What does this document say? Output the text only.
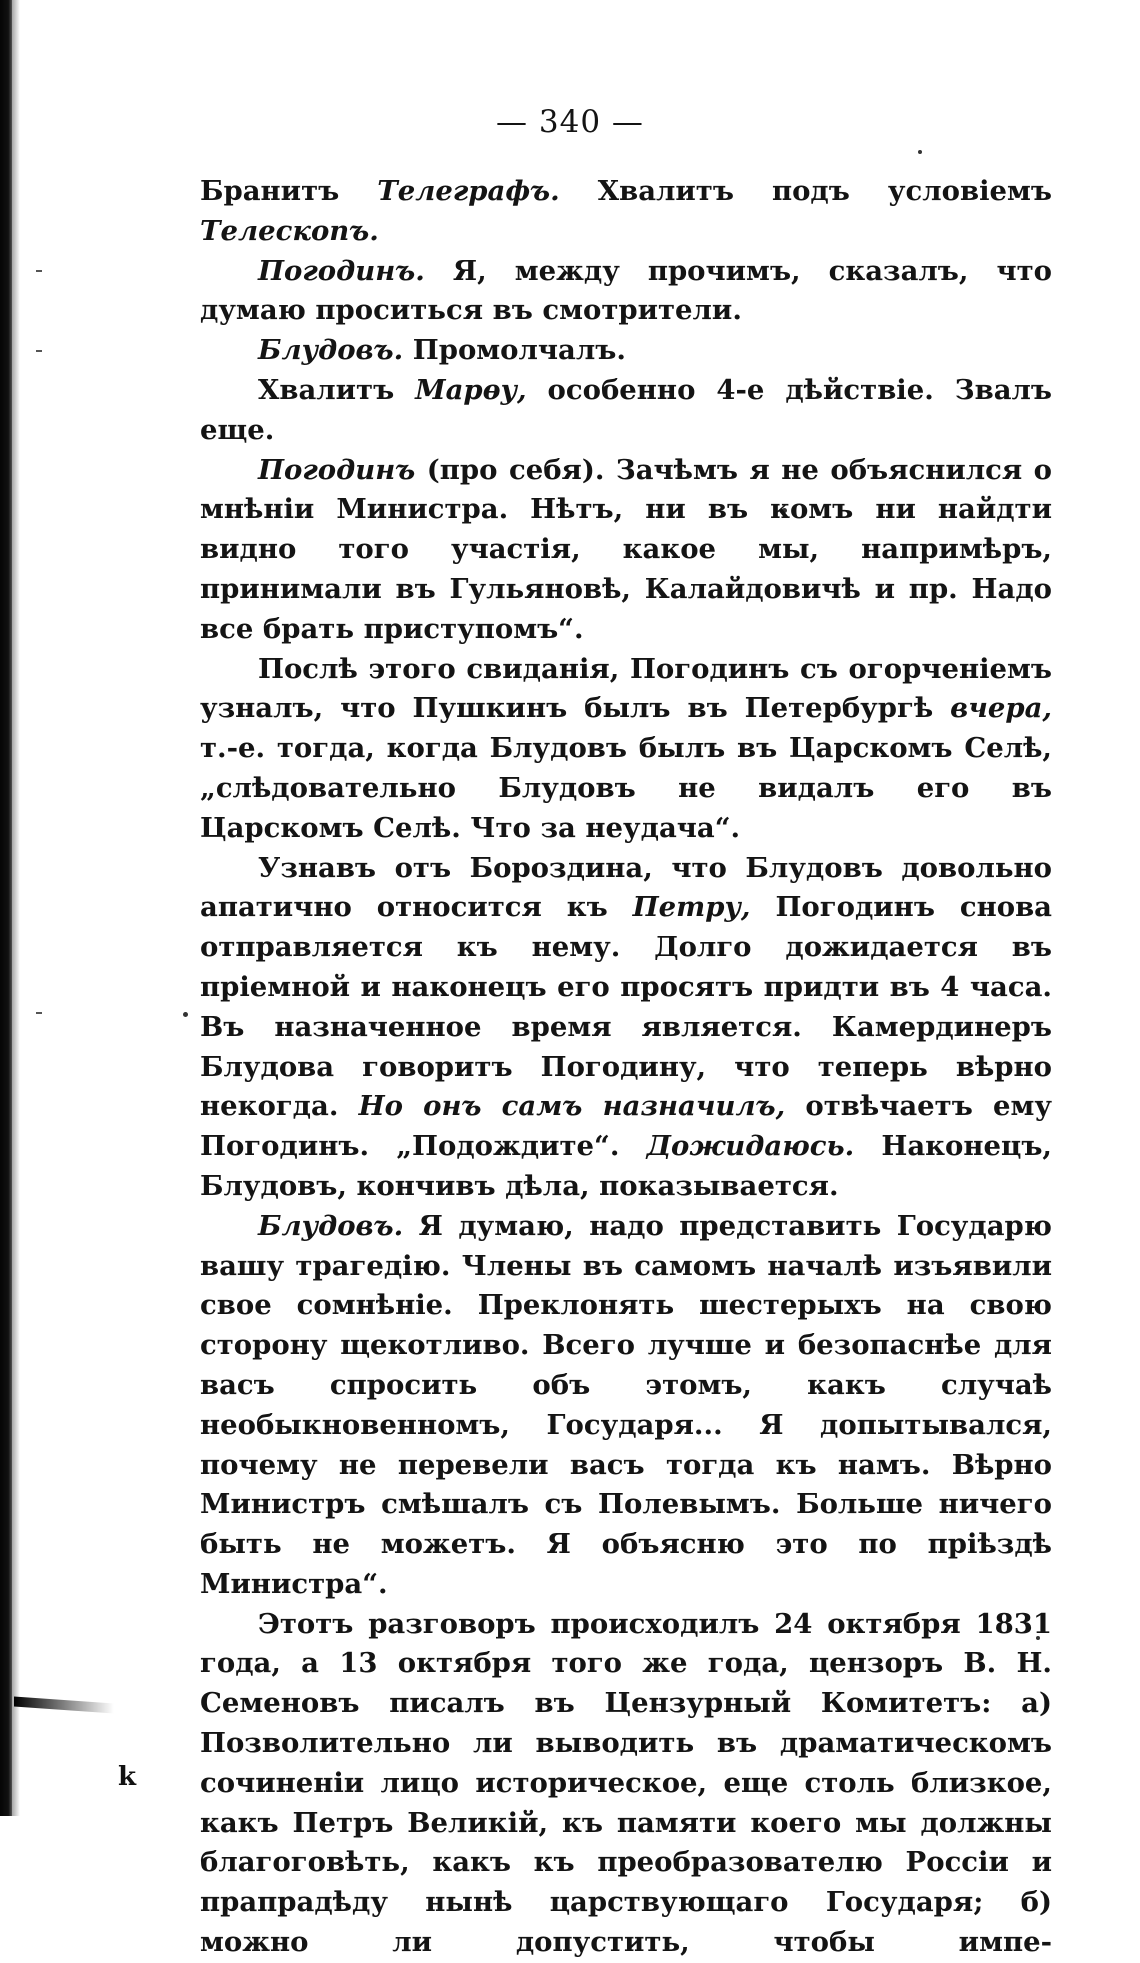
— 340 —

Бранитъ Телеграфъ. Хвалитъ подъ условіемъ Телескопъ.

Погодинъ. Я, между прочимъ, сказалъ, что думаю проситься въ смотрители.

Блудовъ. Промолчалъ.

Хвалитъ Марѳу, особенно 4-е дѣйствіе. Звалъ еще.

Погодинъ (про себя). Зачѣмъ я не объяснился о мнѣніи Министра. Нѣтъ, ни въ комъ ни найдти видно того участія, какое мы, напримѣръ, принимали въ Гульяновѣ, Калайдовичѣ и пр. Надо все брать приступомъ“.

Послѣ этого свиданія, Погодинъ съ огорченіемъ узналъ, что Пушкинъ былъ въ Петербургѣ вчера, т.-е. тогда, когда Блудовъ былъ въ Царскомъ Селѣ, „слѣдовательно Блудовъ не видалъ его въ Царскомъ Селѣ. Что за неудача“.

Узнавъ отъ Бороздина, что Блудовъ довольно апатично относится къ Петру, Погодинъ снова отправляется къ нему. Долго дожидается въ пріемной и наконецъ его просятъ придти въ 4 часа. Въ назначенное время является. Камердинеръ Блудова говоритъ Погодину, что теперь вѣрно некогда. Но онъ самъ назначилъ, отвѣчаетъ ему Погодинъ. „Подождите“. Дожидаюсь. Наконецъ, Блудовъ, кончивъ дѣла, показывается.

Блудовъ. Я думаю, надо представить Государю вашу трагедію. Члены въ самомъ началѣ изъявили свое сомнѣніе. Преклонять шестерыхъ на свою сторону щекотливо. Всего лучше и безопаснѣе для васъ спросить объ этомъ, какъ случаѣ необыкновенномъ, Государя... Я допытывался, почему не перевели васъ тогда къ намъ. Вѣрно Министръ смѣшалъ съ Полевымъ. Больше ничего быть не можетъ. Я объясню это по пріѣздѣ Министра“.

Этотъ разговоръ происходилъ 24 октября 1831 года, а 13 октября того же года, цензоръ В. Н. Семеновъ писалъ въ Цензурный Комитетъ: а) Позволительно ли выводить въ драматическомъ сочиненіи лицо историческое, еще столь близкое, какъ Петръ Великій, къ памяти коего мы должны благоговѣть, какъ къ преобразователю Россіи и прапрадѣду нынѣ царствующаго Государя; б) можно ли допустить, чтобы импе-

k
